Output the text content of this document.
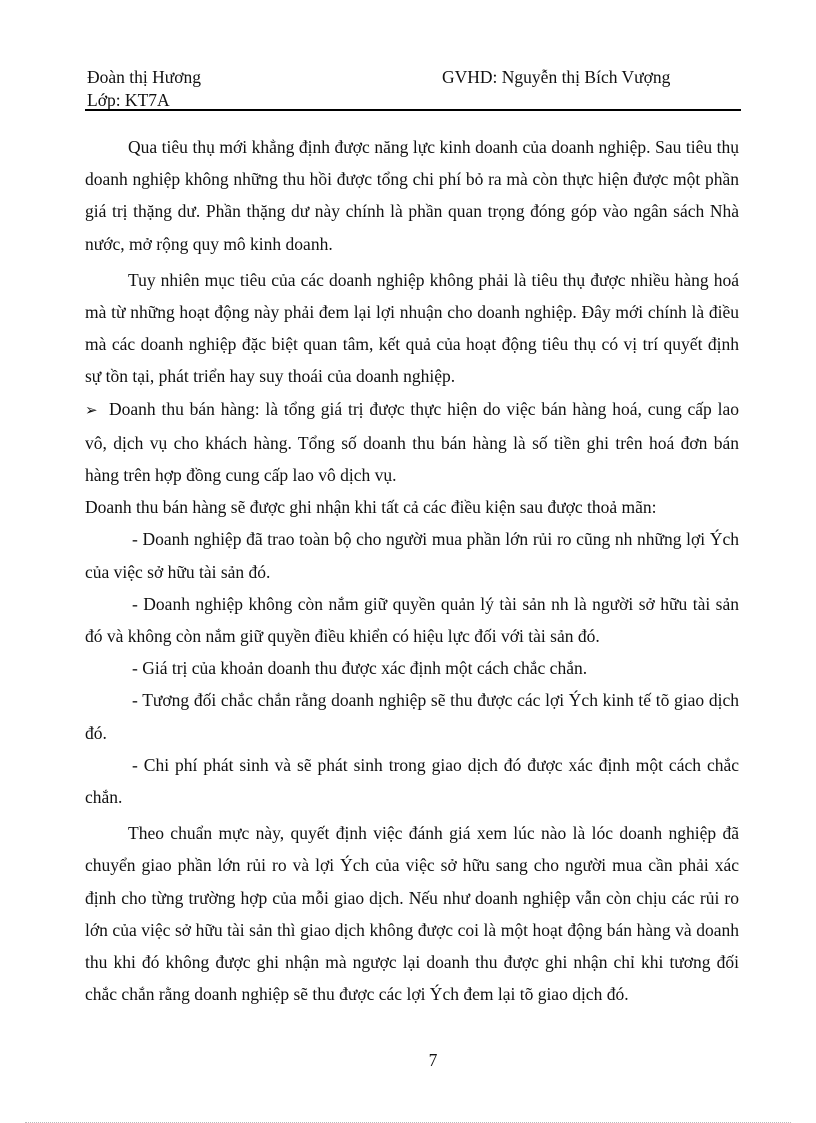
Đoàn thị Hương
Lớp: KT7A
GVHD: Nguyễn thị Bích Vượng

Qua tiêu thụ mới khẳng định được năng lực kinh doanh của doanh nghiệp. Sau tiêu thụ doanh nghiệp không những thu hồi được tổng chi phí bỏ ra mà còn thực hiện được một phần giá trị thặng dư. Phần thặng dư này chính là phần quan trọng đóng góp vào ngân sách Nhà nước, mở rộng quy mô kinh doanh.

Tuy nhiên mục tiêu của các doanh nghiệp không phải là tiêu thụ được nhiều hàng hoá mà từ những hoạt động này phải đem lại lợi nhuận cho doanh nghiệp. Đây mới chính là điều mà các doanh nghiệp đặc biệt quan tâm, kết quả của hoạt động tiêu thụ có vị trí quyết định sự tồn tại, phát triển hay suy thoái của doanh nghiệp.

➢ Doanh thu bán hàng: là tổng giá trị được thực hiện do việc bán hàng hoá, cung cấp lao vô, dịch vụ cho khách hàng. Tổng số doanh thu bán hàng là số tiền ghi trên hoá đơn bán hàng trên hợp đồng cung cấp lao vô dịch vụ.

Doanh thu bán hàng sẽ được ghi nhận khi tất cả các điều kiện sau được thoả mãn:

- Doanh nghiệp đã trao toàn bộ cho người mua phần lớn rủi ro cũng nh những lợi Ých của việc sở hữu tài sản đó.

- Doanh nghiệp không còn nắm giữ quyền quản lý tài sản nh là người sở hữu tài sản đó và không còn nắm giữ quyền điều khiển có hiệu lực đối với tài sản đó.

- Giá trị của khoản doanh thu được xác định một cách chắc chắn.

- Tương đối chắc chắn rằng doanh nghiệp sẽ thu được các lợi Ých kinh tế tõ giao dịch đó.

- Chi phí phát sinh và sẽ phát sinh trong giao dịch đó được xác định một cách chắc chắn.

Theo chuẩn mực này, quyết định việc đánh giá xem lúc nào là lóc doanh nghiệp đã chuyển giao phần lớn rủi ro và lợi Ých của việc sở hữu sang cho người mua cần phải xác định cho từng trường hợp của mỗi giao dịch. Nếu như doanh nghiệp vẫn còn chịu các rủi ro lớn của việc sở hữu tài sản thì giao dịch không được coi là một hoạt động bán hàng và doanh thu khi đó không được ghi nhận mà ngược lại doanh thu được ghi nhận chỉ khi tương đối chắc chắn rằng doanh nghiệp sẽ thu được các lợi Ých đem lại tõ giao dịch đó.

7
